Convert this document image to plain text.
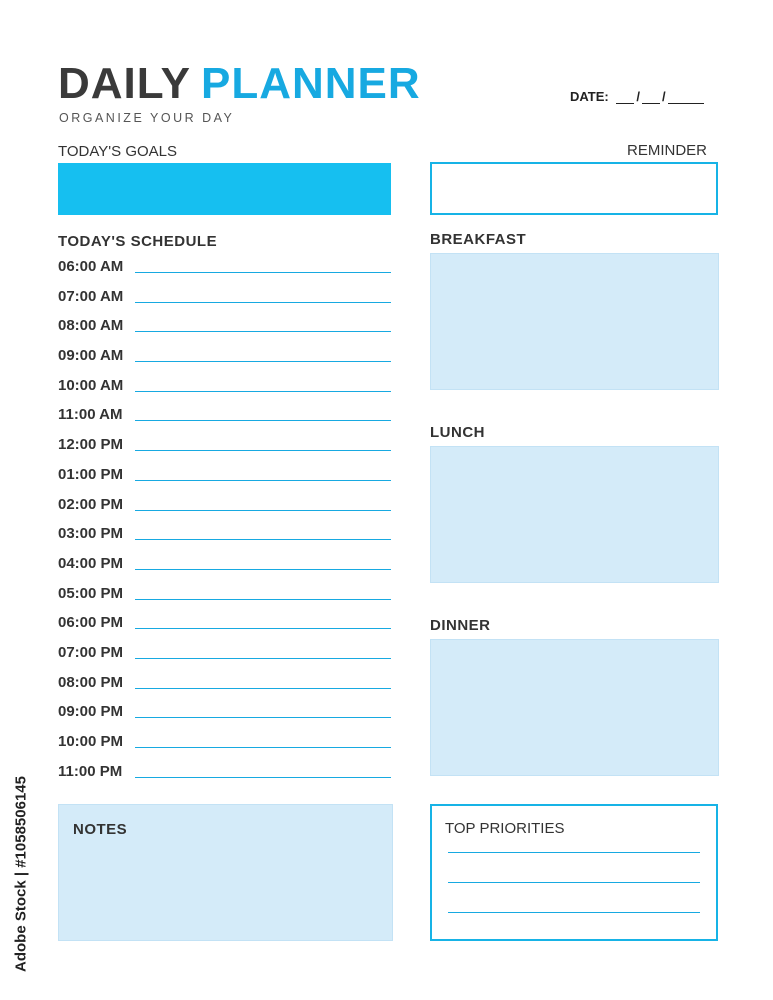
DAILY PLANNER
ORGANIZE YOUR DAY
DATE: / /
TODAY'S GOALS	REMINDER
TODAY'S SCHEDULE
06:00 AM
07:00 AM
08:00 AM
09:00 AM
10:00 AM
11:00 AM
12:00 PM
01:00 PM
02:00 PM
03:00 PM
04:00 PM
05:00 PM
06:00 PM
07:00 PM
08:00 PM
09:00 PM
10:00 PM
11:00 PM
BREAKFAST
LUNCH
DINNER
NOTES	TOP PRIORITIES
Adobe Stock | #1058506145
